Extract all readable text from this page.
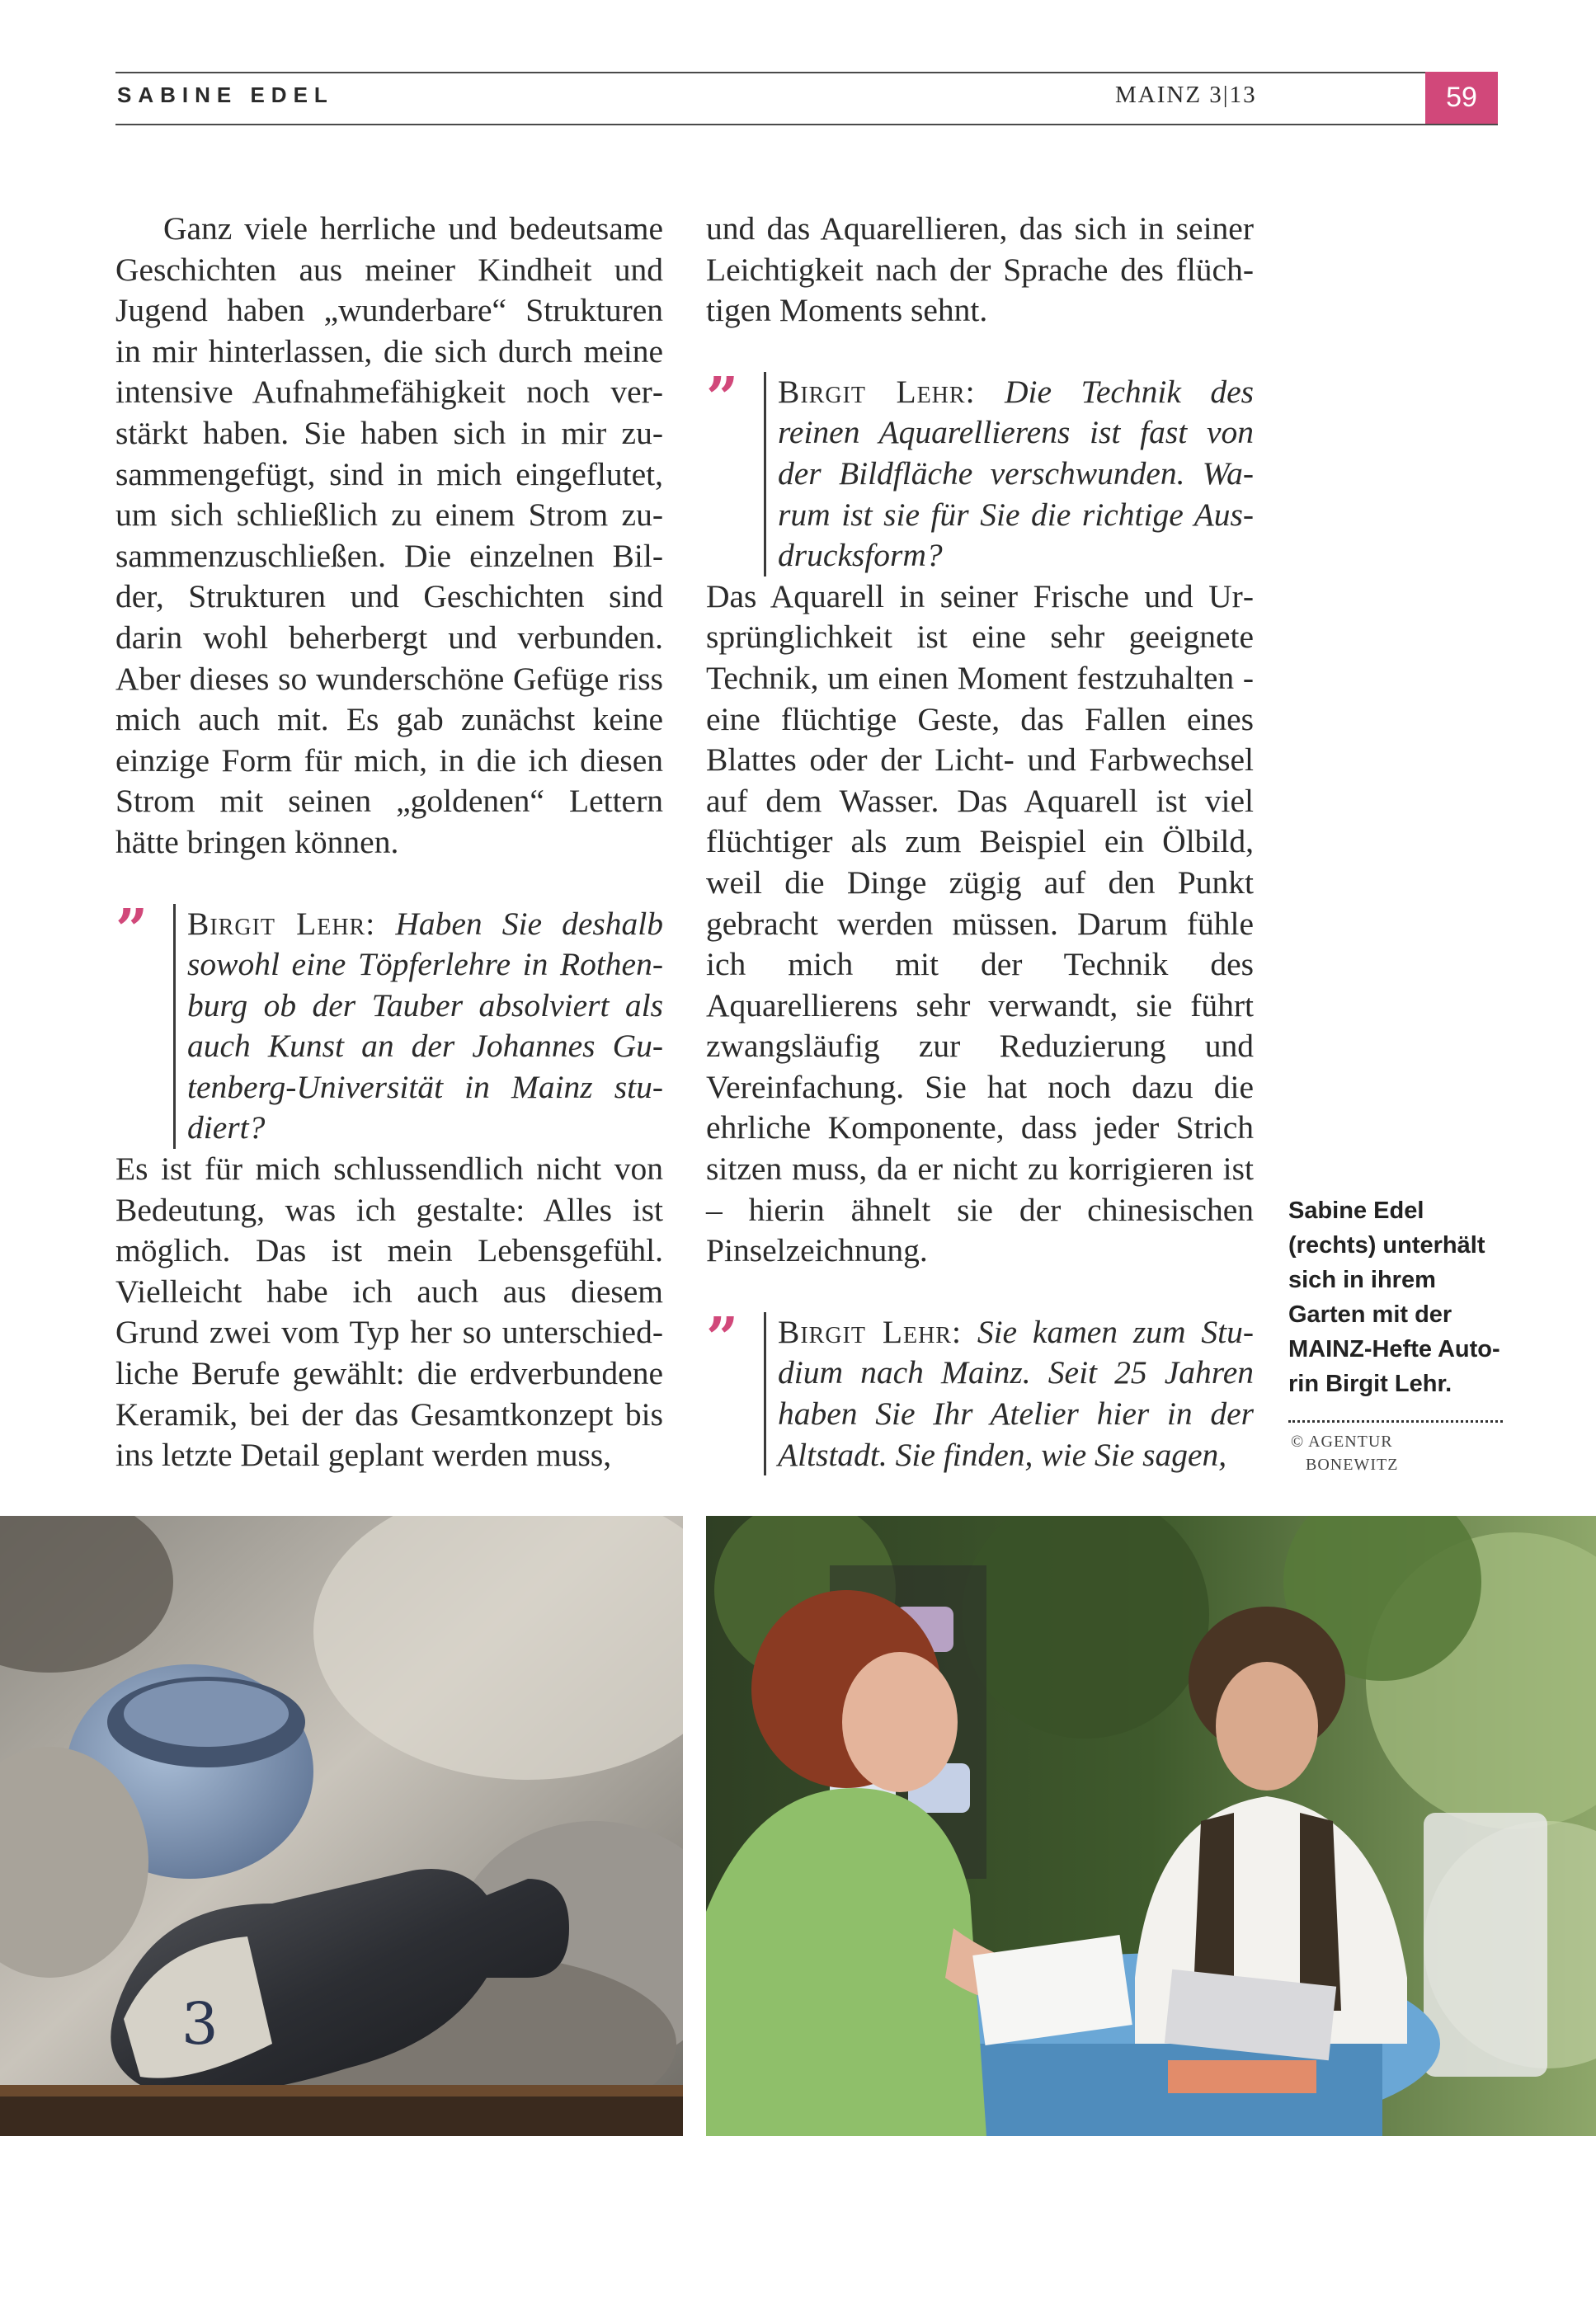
SABINE EDEL	MAINZ 3|13	59

Ganz viele herrliche und bedeutsame Geschichten aus meiner Kindheit und Jugend haben „wunderbare“ Strukturen in mir hinterlassen, die sich durch meine intensive Aufnahmefähigkeit noch verstärkt haben. Sie haben sich in mir zusammengefügt, sind in mich eingeflutet, um sich schließlich zu einem Strom zusammenzuschließen. Die einzelnen Bilder, Strukturen und Geschichten sind darin wohl beherbergt und verbunden. Aber dieses so wunderschöne Gefüge riss mich auch mit. Es gab zunächst keine einzige Form für mich, in die ich diesen Strom mit seinen „goldenen“ Lettern hätte bringen können.

”	Birgit Lehr: Haben Sie deshalb sowohl eine Töpferlehre in Rothenburg ob der Tauber absolviert als auch Kunst an der Johannes Gutenberg-Universität in Mainz studiert?

Es ist für mich schlussendlich nicht von Bedeutung, was ich gestalte: Alles ist möglich. Das ist mein Lebensgefühl. Vielleicht habe ich auch aus diesem Grund zwei vom Typ her so unterschiedliche Berufe gewählt: die erdverbundene Keramik, bei der das Gesamtkonzept bis ins letzte Detail geplant werden muss,

und das Aquarellieren, das sich in seiner Leichtigkeit nach der Sprache des flüchtigen Moments sehnt.

”	Birgit Lehr: Die Technik des reinen Aquarellierens ist fast von der Bildfläche verschwunden. Warum ist sie für Sie die richtige Ausdrucksform?

Das Aquarell in seiner Frische und Ursprünglichkeit ist eine sehr geeignete Technik, um einen Moment festzuhalten - eine flüchtige Geste, das Fallen eines Blattes oder der Licht- und Farbwechsel auf dem Wasser. Das Aquarell ist viel flüchtiger als zum Beispiel ein Ölbild, weil die Dinge zügig auf den Punkt gebracht werden müssen. Darum fühle ich mich mit der Technik des Aquarellierens sehr verwandt, sie führt zwangsläufig zur Reduzierung und Vereinfachung. Sie hat noch dazu die ehrliche Komponente, dass jeder Strich sitzen muss, da er nicht zu korrigieren ist – hierin ähnelt sie der chinesischen Pinselzeichnung.

”	Birgit Lehr: Sie kamen zum Studium nach Mainz. Seit 25 Jahren haben Sie Ihr Atelier hier in der Altstadt. Sie finden, wie Sie sagen,
Sabine Edel (rechts) unterhält sich in ihrem Garten mit der MAINZ-Hefte Autorin Birgit Lehr.
© AGENTUR
BONEWITZ
3
